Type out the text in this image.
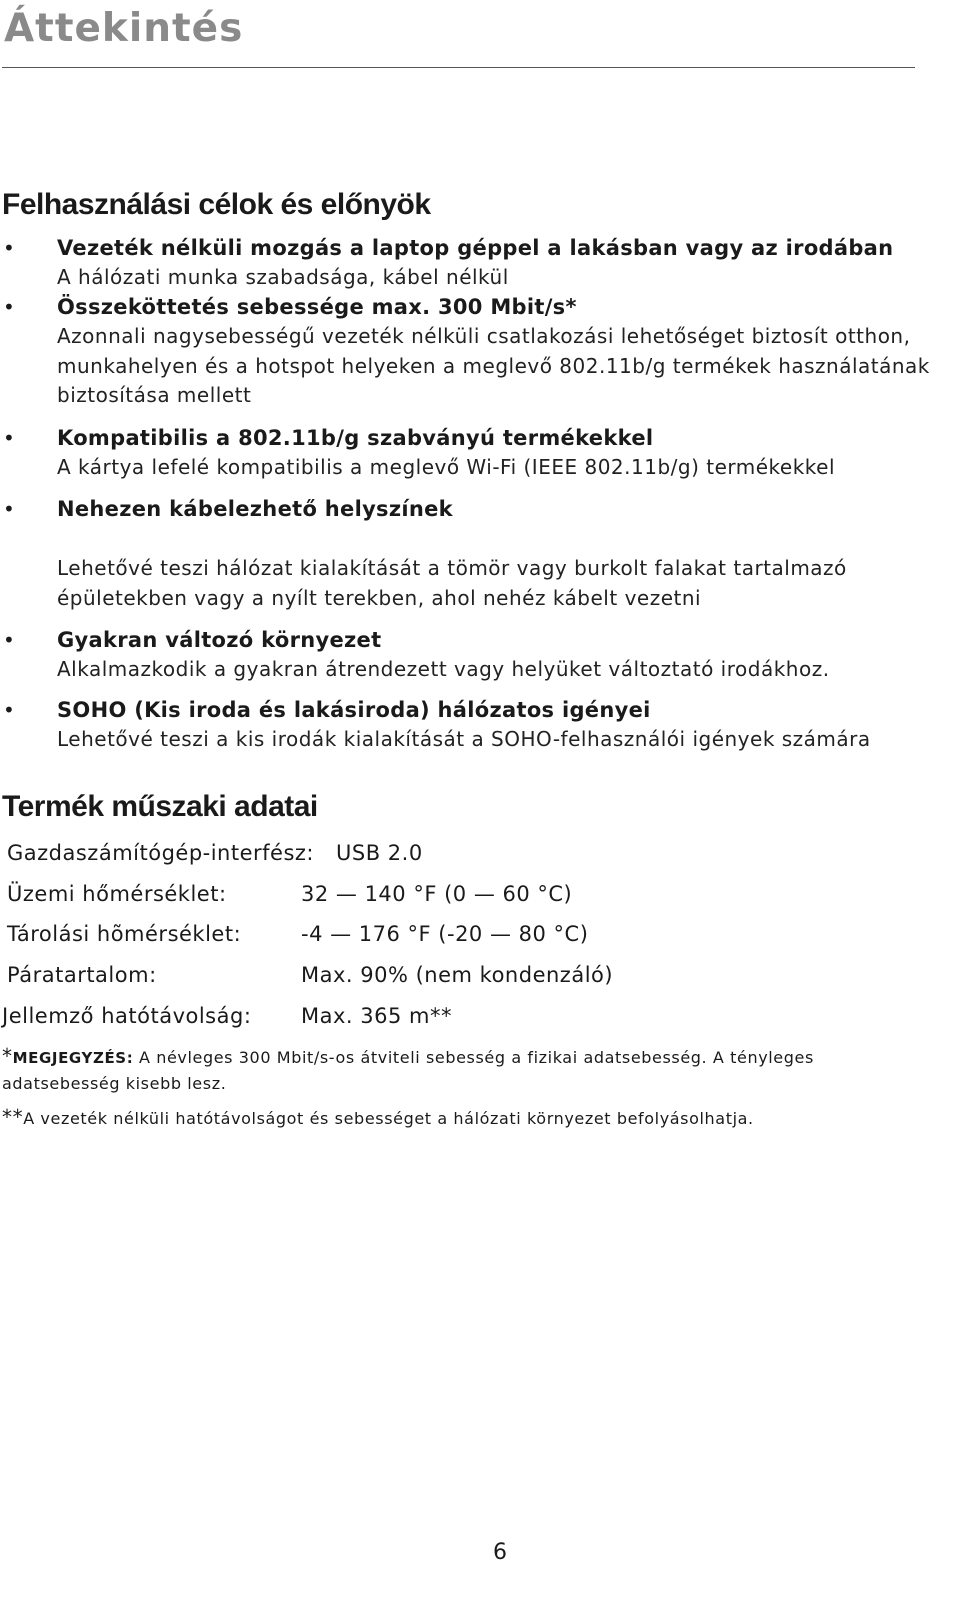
Áttekintés
Felhasználási célok és előnyök
• Vezeték nélküli mozgás a laptop géppel a lakásban vagy az irodában
A hálózati munka szabadsága, kábel nélkül
• Összeköttetés sebessége max. 300 Mbit/s*
Azonnali nagysebességű vezeték nélküli csatlakozási lehetőséget biztosít otthon, munkahelyen és a hotspot helyeken a meglevő 802.11b/g termékek használatának biztosítása mellett
• Kompatibilis a 802.11b/g szabványú termékekkel
A kártya lefelé kompatibilis a meglevő Wi-Fi (IEEE 802.11b/g) termékekkel
• Nehezen kábelezhető helyszínek
Lehetővé teszi hálózat kialakítását a tömör vagy burkolt falakat tartalmazó épületekben vagy a nyílt terekben, ahol nehéz kábelt vezetni
• Gyakran változó környezet
Alkalmazkodik a gyakran átrendezett vagy helyüket változtató irodákhoz.
• SOHO (Kis iroda és lakásiroda) hálózatos igényei
Lehetővé teszi a kis irodák kialakítását a SOHO-felhasználói igények számára
Termék műszaki adatai
Gazdaszámítógép-interfész: USB 2.0
Üzemi hőmérséklet:	32 — 140 °F (0 — 60 °C)
Tárolási hõmérséklet:	-4 — 176 °F (-20 — 80 °C)
Páratartalom:	Max. 90% (nem kondenzáló)
Jellemző hatótávolság: Max. 365 m**
*MEGJEGYZÉS: A névleges 300 Mbit/s-os átviteli sebesség a fizikai adatsebesség. A tényleges adatsebesség kisebb lesz.
**A vezeték nélküli hatótávolságot és sebességet a hálózati környezet befolyásolhatja.
6
